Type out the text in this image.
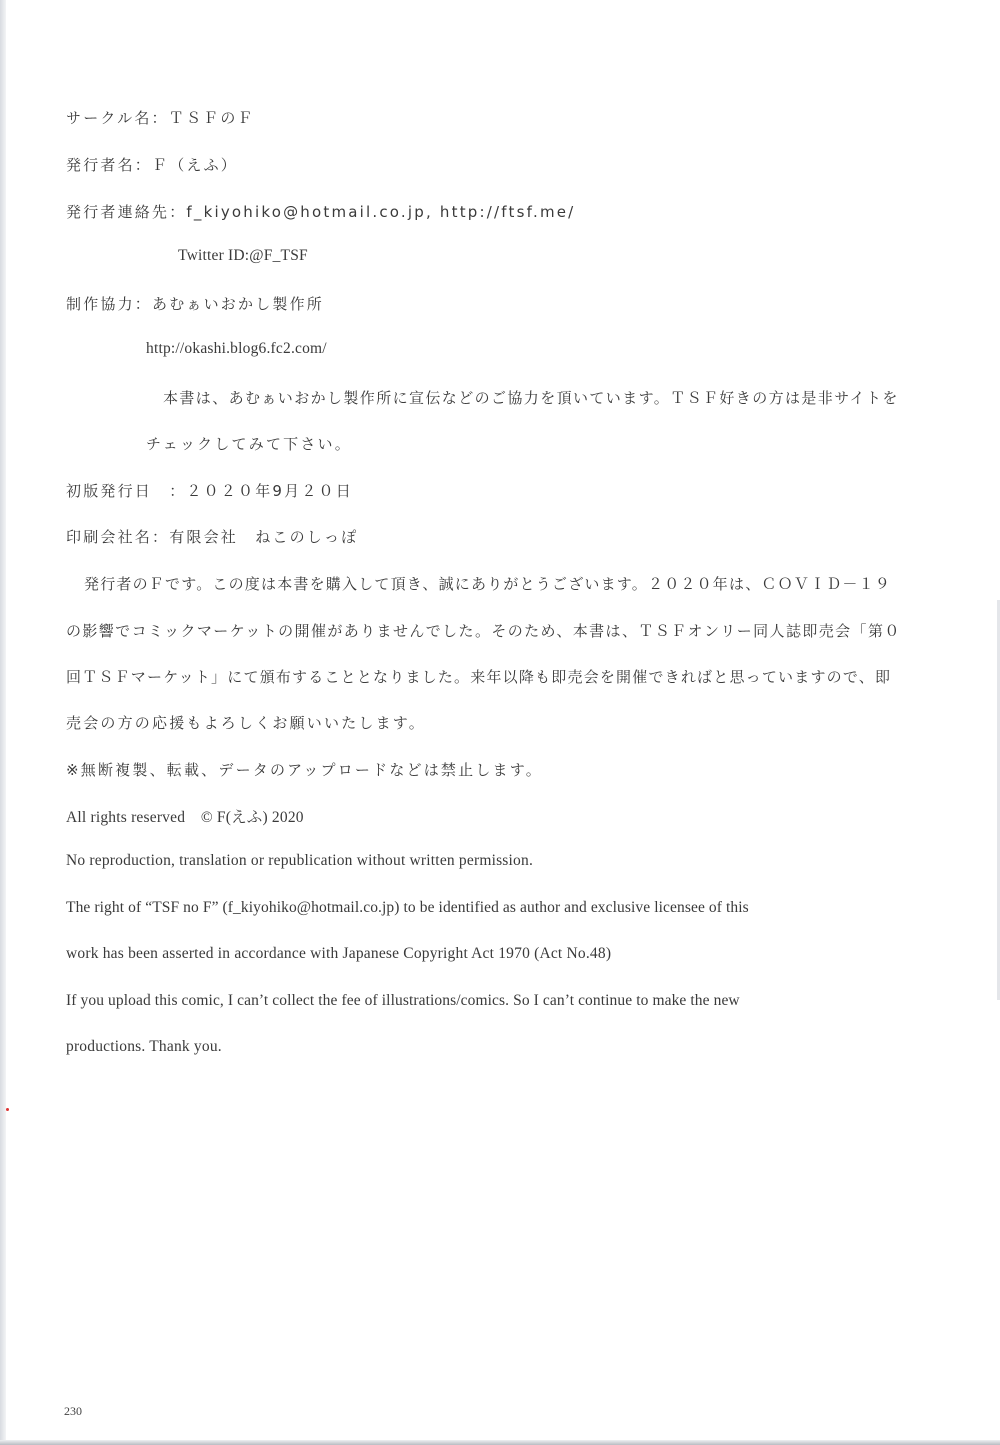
サークル名：ＴＳＦのＦ
発行者名：Ｆ（えふ）
発行者連絡先：f_kiyohiko@hotmail.co.jp, http://ftsf.me/
Twitter ID:@F_TSF
制作協力：あむぁいおかし製作所
http://okashi.blog6.fc2.com/
本書は、あむぁいおかし製作所に宣伝などのご協力を頂いています。ＴＳＦ好きの方は是非サイトを
チェックしてみて下さい。
初版発行日　：２０２０年9月２０日
印刷会社名：有限会社　ねこのしっぽ
発行者のＦです。この度は本書を購入して頂き、誠にありがとうございます。２０２０年は、ＣＯＶＩＤ－１９
の影響でコミックマーケットの開催がありませんでした。そのため、本書は、ＴＳＦオンリー同人誌即売会「第０
回ＴＳＦマーケット」にて頒布することとなりました。来年以降も即売会を開催できればと思っていますので、即
売会の方の応援もよろしくお願いいたします。
※無断複製、転載、データのアップロードなどは禁止します。
All rights reserved　© F(えふ) 2020
No reproduction, translation or republication without written permission.
The right of “TSF no F” (f_kiyohiko@hotmail.co.jp) to be identified as author and exclusive licensee of this
work has been asserted in accordance with Japanese Copyright Act 1970 (Act No.48)
If you upload this comic, I can’t collect the fee of illustrations/comics. So I can’t continue to make the new
productions. Thank you.
230
